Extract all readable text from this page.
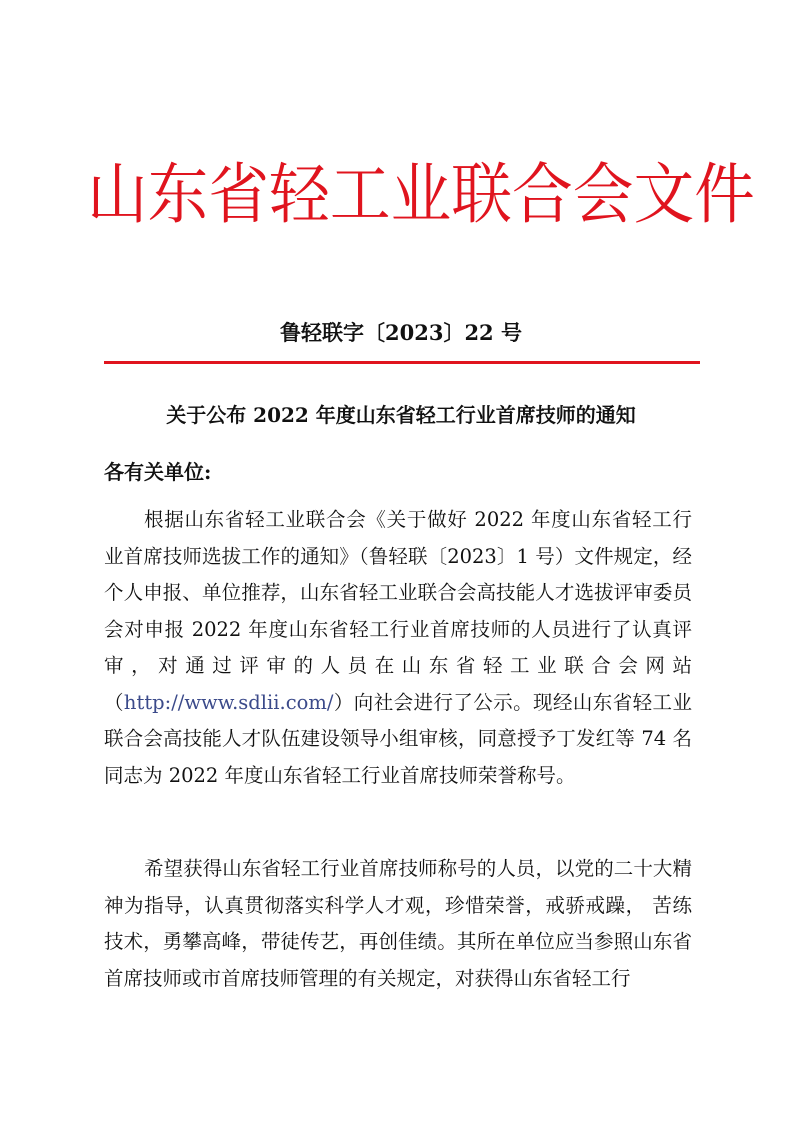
山东省轻工业联合会文件
鲁轻联字〔2023〕22 号
关于公布 2022 年度山东省轻工行业首席技师的通知
各有关单位:

根据山东省轻工业联合会《关于做好 2022 年度山东省轻工行业首席技师选拔工作的通知》（鲁轻联〔2023〕1 号）文件规定，经个人申报、单位推荐，山东省轻工业联合会高技能人才选拔评审委员会对申报 2022 年度山东省轻工行业首席技师的人员进行了认真评审，对通过评审的人员在山东省轻工业联合会网站（http://www.sdlii.com/）向社会进行了公示。现经山东省轻工业联合会高技能人才队伍建设领导小组审核，同意授予丁发红等 74 名同志为 2022 年度山东省轻工行业首席技师荣誉称号。

希望获得山东省轻工行业首席技师称号的人员，以党的二十大精神为指导，认真贯彻落实科学人才观，珍惜荣誉，戒骄戒躁， 苦练技术，勇攀高峰，带徒传艺，再创佳绩。其所在单位应当参照山东省首席技师或市首席技师管理的有关规定，对获得山东省轻工行
